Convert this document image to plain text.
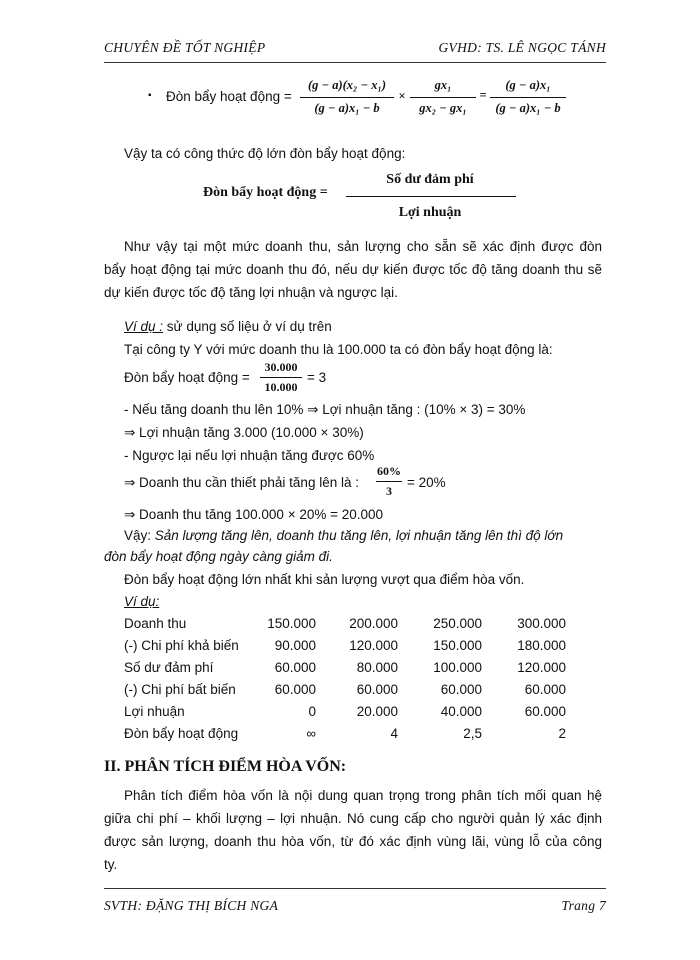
CHUYÊN ĐỀ TỐT NGHIỆP	GVHD: TS. LÊ NGỌC TÁNH
▪ Đòn bẩy hoạt động =
(g − a)(x₂ − x₁)
(g − a)x₁ − b
×
gx₁
gx₂ − gx₁
=
(g − a)x₁
(g − a)x₁ − b
Vậy ta có công thức độ lớn đòn bẩy hoạt động:
Đòn bẩy hoạt động =
Số dư đảm phí
Lợi nhuận
Như vậy tại một mức doanh thu, sản lượng cho sẵn sẽ xác định được đòn
bẩy hoạt động tại mức doanh thu đó, nếu dự kiến được tốc độ tăng doanh thu sẽ
dự kiến được tốc độ tăng lợi nhuận và ngược lại.
Ví dụ : sử dụng số liệu ở ví dụ trên
Tại công ty Y với mức doanh thu là 100.000 ta có đòn bẩy hoạt động là:
Đòn bẩy hoạt động =
30.000
10.000
= 3
- Nếu tăng doanh thu lên 10% ⇒ Lợi nhuận tăng : (10% × 3) = 30%
⇒ Lợi nhuận tăng 3.000 (10.000 × 30%)
- Ngược lại nếu lợi nhuận tăng được 60%
⇒ Doanh thu cần thiết phải tăng lên là :
60%
3
= 20%
⇒ Doanh thu tăng 100.000 × 20% = 20.000
Vậy: Sản lượng tăng lên, doanh thu tăng lên, lợi nhuận tăng lên thì độ lớn
đòn bẩy hoạt động ngày càng giảm đi.
Đòn bẩy hoạt động lớn nhất khi sản lượng vượt qua điểm hòa vốn.
Ví dụ:
Doanh thu	150.000	200.000	250.000	300.000
(-) Chi phí khả biến	90.000	120.000	150.000	180.000
Số dư đảm phí	60.000	80.000	100.000	120.000
(-) Chi phí bất biến	60.000	60.000	60.000	60.000
Lợi nhuận	0	20.000	40.000	60.000
Đòn bẩy hoạt động	∞	4	2,5	2
II. PHÂN TÍCH ĐIỂM HÒA VỐN:
Phân tích điểm hòa vốn là nội dung quan trọng trong phân tích mối quan hệ
giữa chi phí – khối lượng – lợi nhuận. Nó cung cấp cho người quản lý xác định
được sản lượng, doanh thu hòa vốn, từ đó xác định vùng lãi, vùng lỗ của công
ty.
SVTH: ĐẶNG THỊ BÍCH NGA	Trang 7
